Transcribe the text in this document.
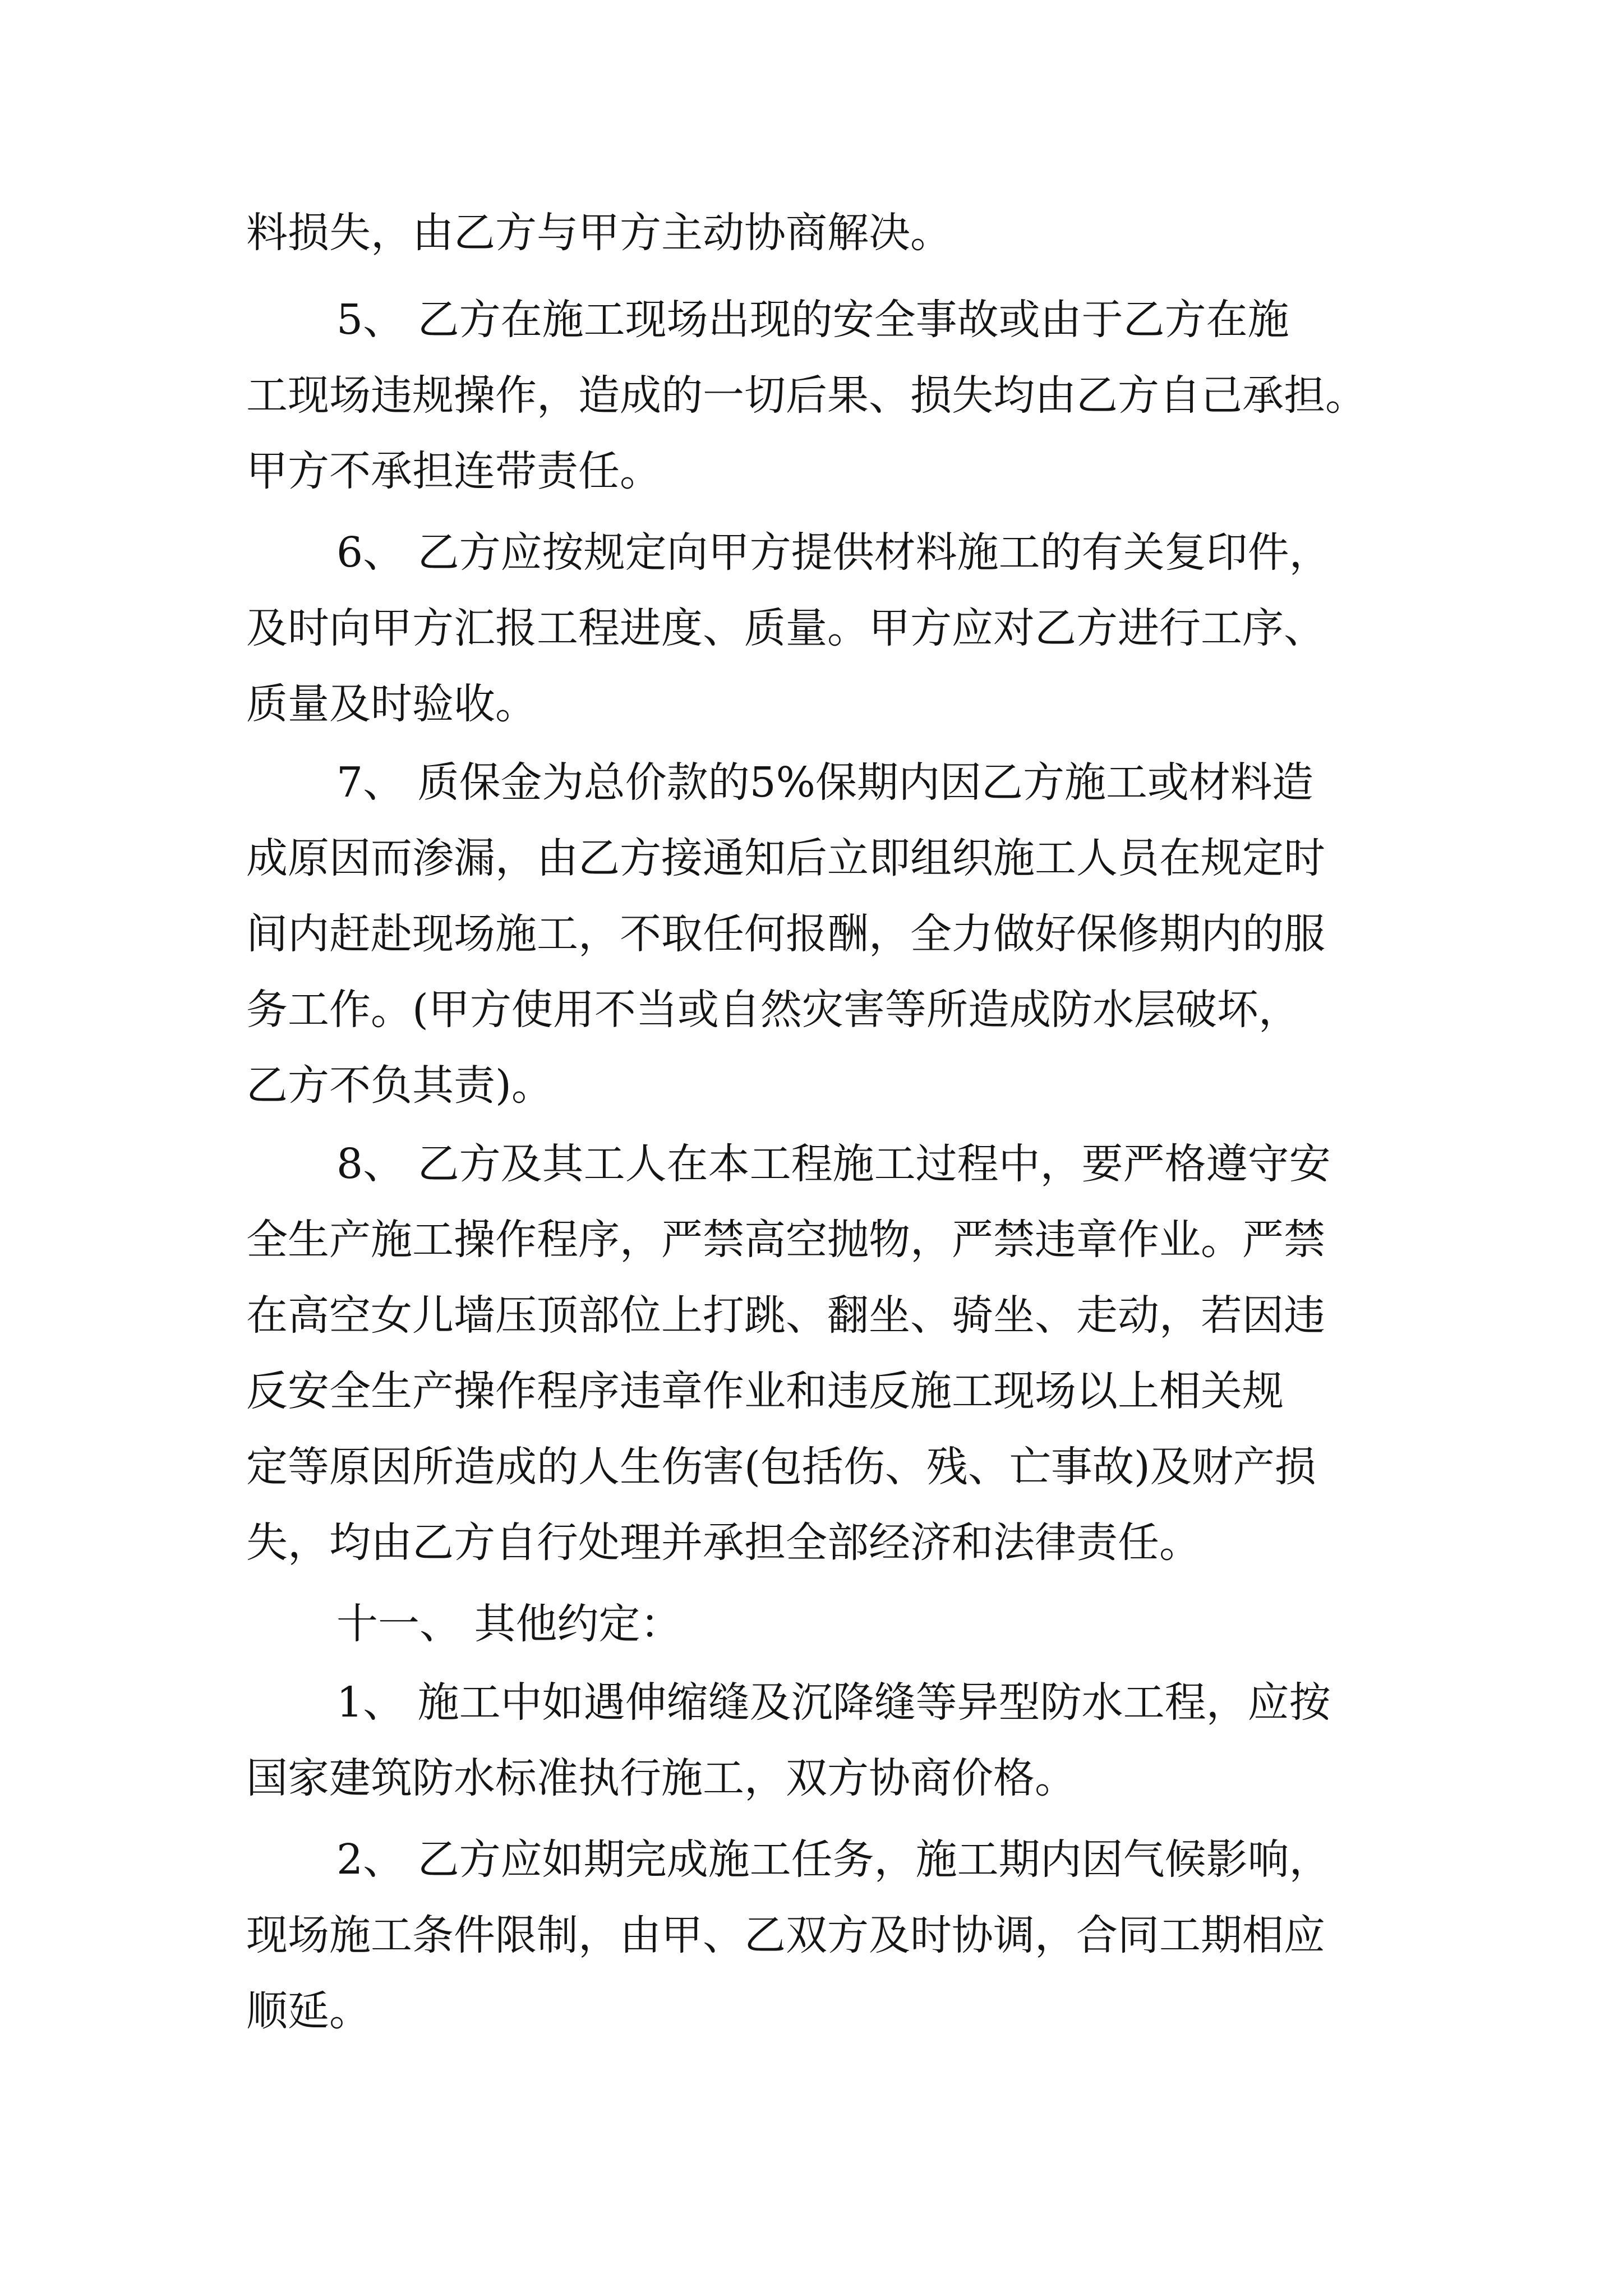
料损失，由乙方与甲方主动协商解决。
5、 乙方在施工现场出现的安全事故或由于乙方在施
工现场违规操作，造成的一切后果、损失均由乙方自己承担。
甲方不承担连带责任。
6、 乙方应按规定向甲方提供材料施工的有关复印件，
及时向甲方汇报工程进度、质量。甲方应对乙方进行工序、
质量及时验收。
7、 质保金为总价款的5%保期内因乙方施工或材料造
成原因而渗漏，由乙方接通知后立即组织施工人员在规定时
间内赶赴现场施工，不取任何报酬，全力做好保修期内的服
务工作。(甲方使用不当或自然灾害等所造成防水层破坏，
乙方不负其责)。
8、 乙方及其工人在本工程施工过程中，要严格遵守安
全生产施工操作程序，严禁高空抛物，严禁违章作业。严禁
在高空女儿墙压顶部位上打跳、翻坐、骑坐、走动，若因违
反安全生产操作程序违章作业和违反施工现场以上相关规
定等原因所造成的人生伤害(包括伤、残、亡事故)及财产损
失，均由乙方自行处理并承担全部经济和法律责任。
十一、 其他约定：
1、 施工中如遇伸缩缝及沉降缝等异型防水工程，应按
国家建筑防水标准执行施工，双方协商价格。
2、 乙方应如期完成施工任务，施工期内因气候影响，
现场施工条件限制，由甲、乙双方及时协调，合同工期相应
顺延。
